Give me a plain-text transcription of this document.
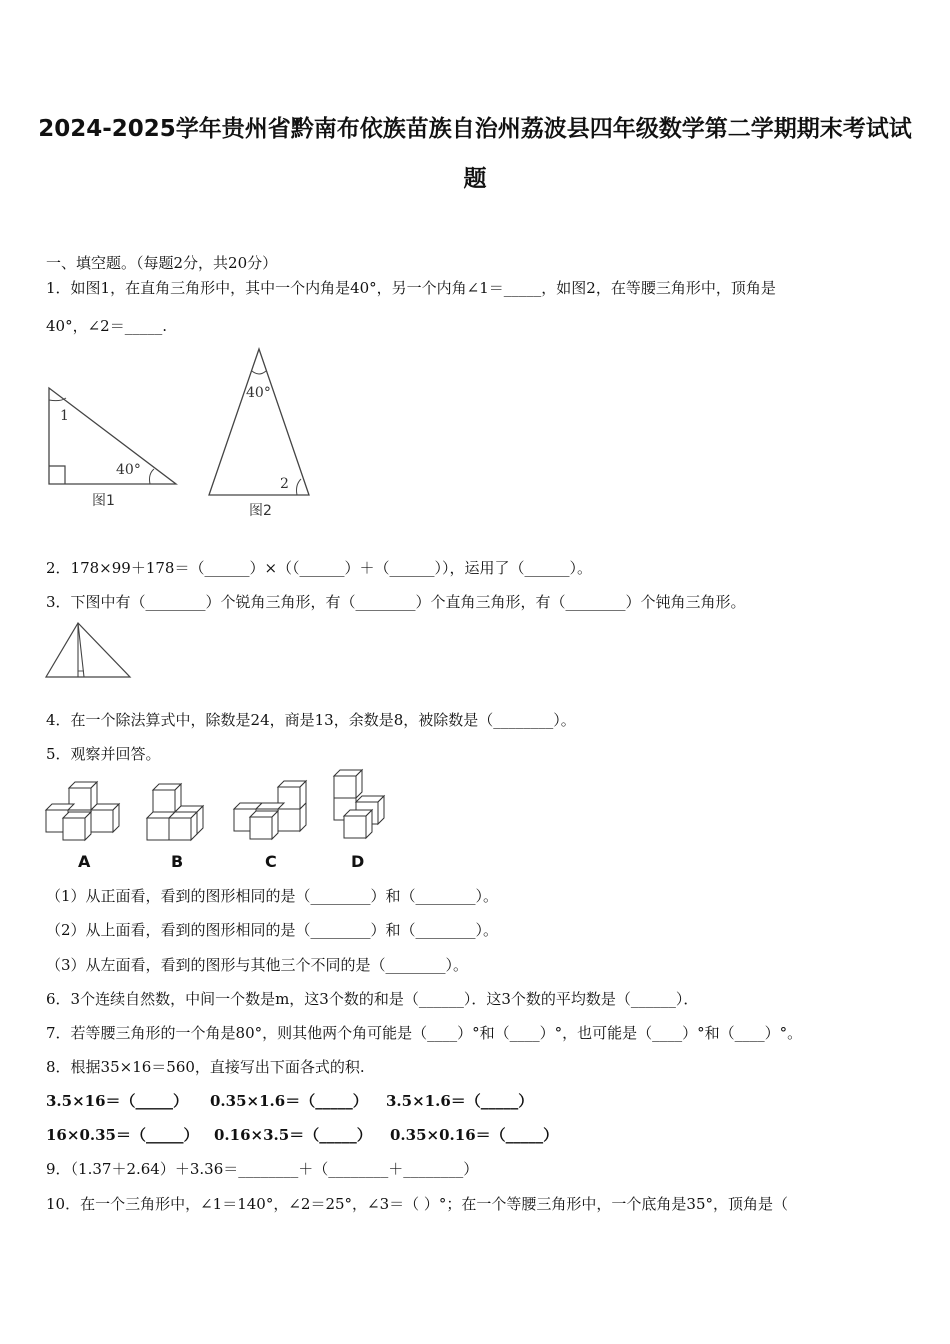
2024-2025学年贵州省黔南布依族苗族自治州荔波县四年级数学第二学期期末考试试
题
一、填空题。（每题2分，共20分）
1．如图1，在直角三角形中，其中一个内角是40°，另一个内角∠1＝_____，如图2，在等腰三角形中，顶角是
40°，∠2＝_____.
1
40°
图1
40°
2
图2
2．178×99＋178＝（______）×（（______）＋（______）），运用了（______）。
3．下图中有（________）个锐角三角形，有（________）个直角三角形，有（________）个钝角三角形。
4．在一个除法算式中，除数是24，商是13，余数是8，被除数是（________）。
5．观察并回答。
A	B	C	D
（1）从正面看，看到的图形相同的是（________）和（________）。
（2）从上面看，看到的图形相同的是（________）和（________）。
（3）从左面看，看到的图形与其他三个不同的是（________）。
6．3个连续自然数，中间一个数是m，这3个数的和是（______）．这3个数的平均数是（______）．
7．若等腰三角形的一个角是80°，则其他两个角可能是（____）°和（____）°，也可能是（____）°和（____）°。
8．根据35×16＝560，直接写出下面各式的积.
3.5×16＝（_____） 0.35×1.6＝（_____） 3.5×1.6＝（_____）
16×0.35＝（_____） 0.16×3.5＝（_____） 0.35×0.16＝（_____）
9．（1.37＋2.64）＋3.36＝________＋（________＋________）
10．在一个三角形中，∠1＝140°，∠2＝25°，∠3＝（ ）°；在一个等腰三角形中，一个底角是35°，顶角是（
